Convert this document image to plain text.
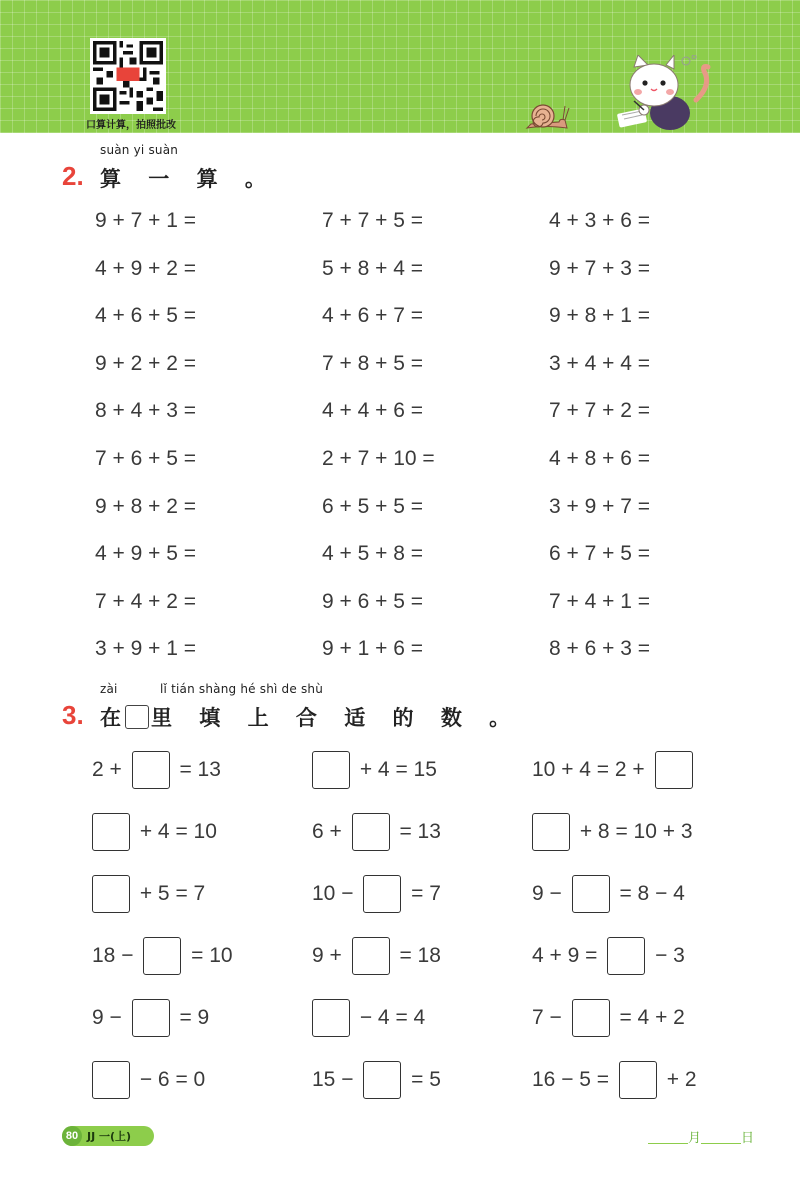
口算计算，拍照批改
suàn yi suàn
2. 算 一 算 。
9 + 7 + 1 =	7 + 7 + 5 =	4 + 3 + 6 =
4 + 9 + 2 =	5 + 8 + 4 =	9 + 7 + 3 =
4 + 6 + 5 =	4 + 6 + 7 =	9 + 8 + 1 =
9 + 2 + 2 =	7 + 8 + 5 =	3 + 4 + 4 =
8 + 4 + 3 =	4 + 4 + 6 =	7 + 7 + 2 =
7 + 6 + 5 =	2 + 7 + 10 =	4 + 8 + 6 =
9 + 8 + 2 =	6 + 5 + 5 =	3 + 9 + 7 =
4 + 9 + 5 =	4 + 5 + 8 =	6 + 7 + 5 =
7 + 4 + 2 =	9 + 6 + 5 =	7 + 4 + 1 =
3 + 9 + 1 =	9 + 1 + 6 =	8 + 6 + 3 =
zài	lǐ tián shàng hé shì de shù
3. 在 里 填 上 合 适 的 数 。
2 + = 13	+ 4 = 15	10 + 4 = 2 +
+ 4 = 10	6 + = 13	+ 8 = 10 + 3
+ 5 = 7	10 − = 7	9 − = 8 − 4
18 − = 10	9 + = 18	4 + 9 = − 3
9 − = 9	− 4 = 4	7 − = 4 + 2
− 6 = 0	15 − = 5	16 − 5 = + 2
80 JJ 一(上)	月	日
